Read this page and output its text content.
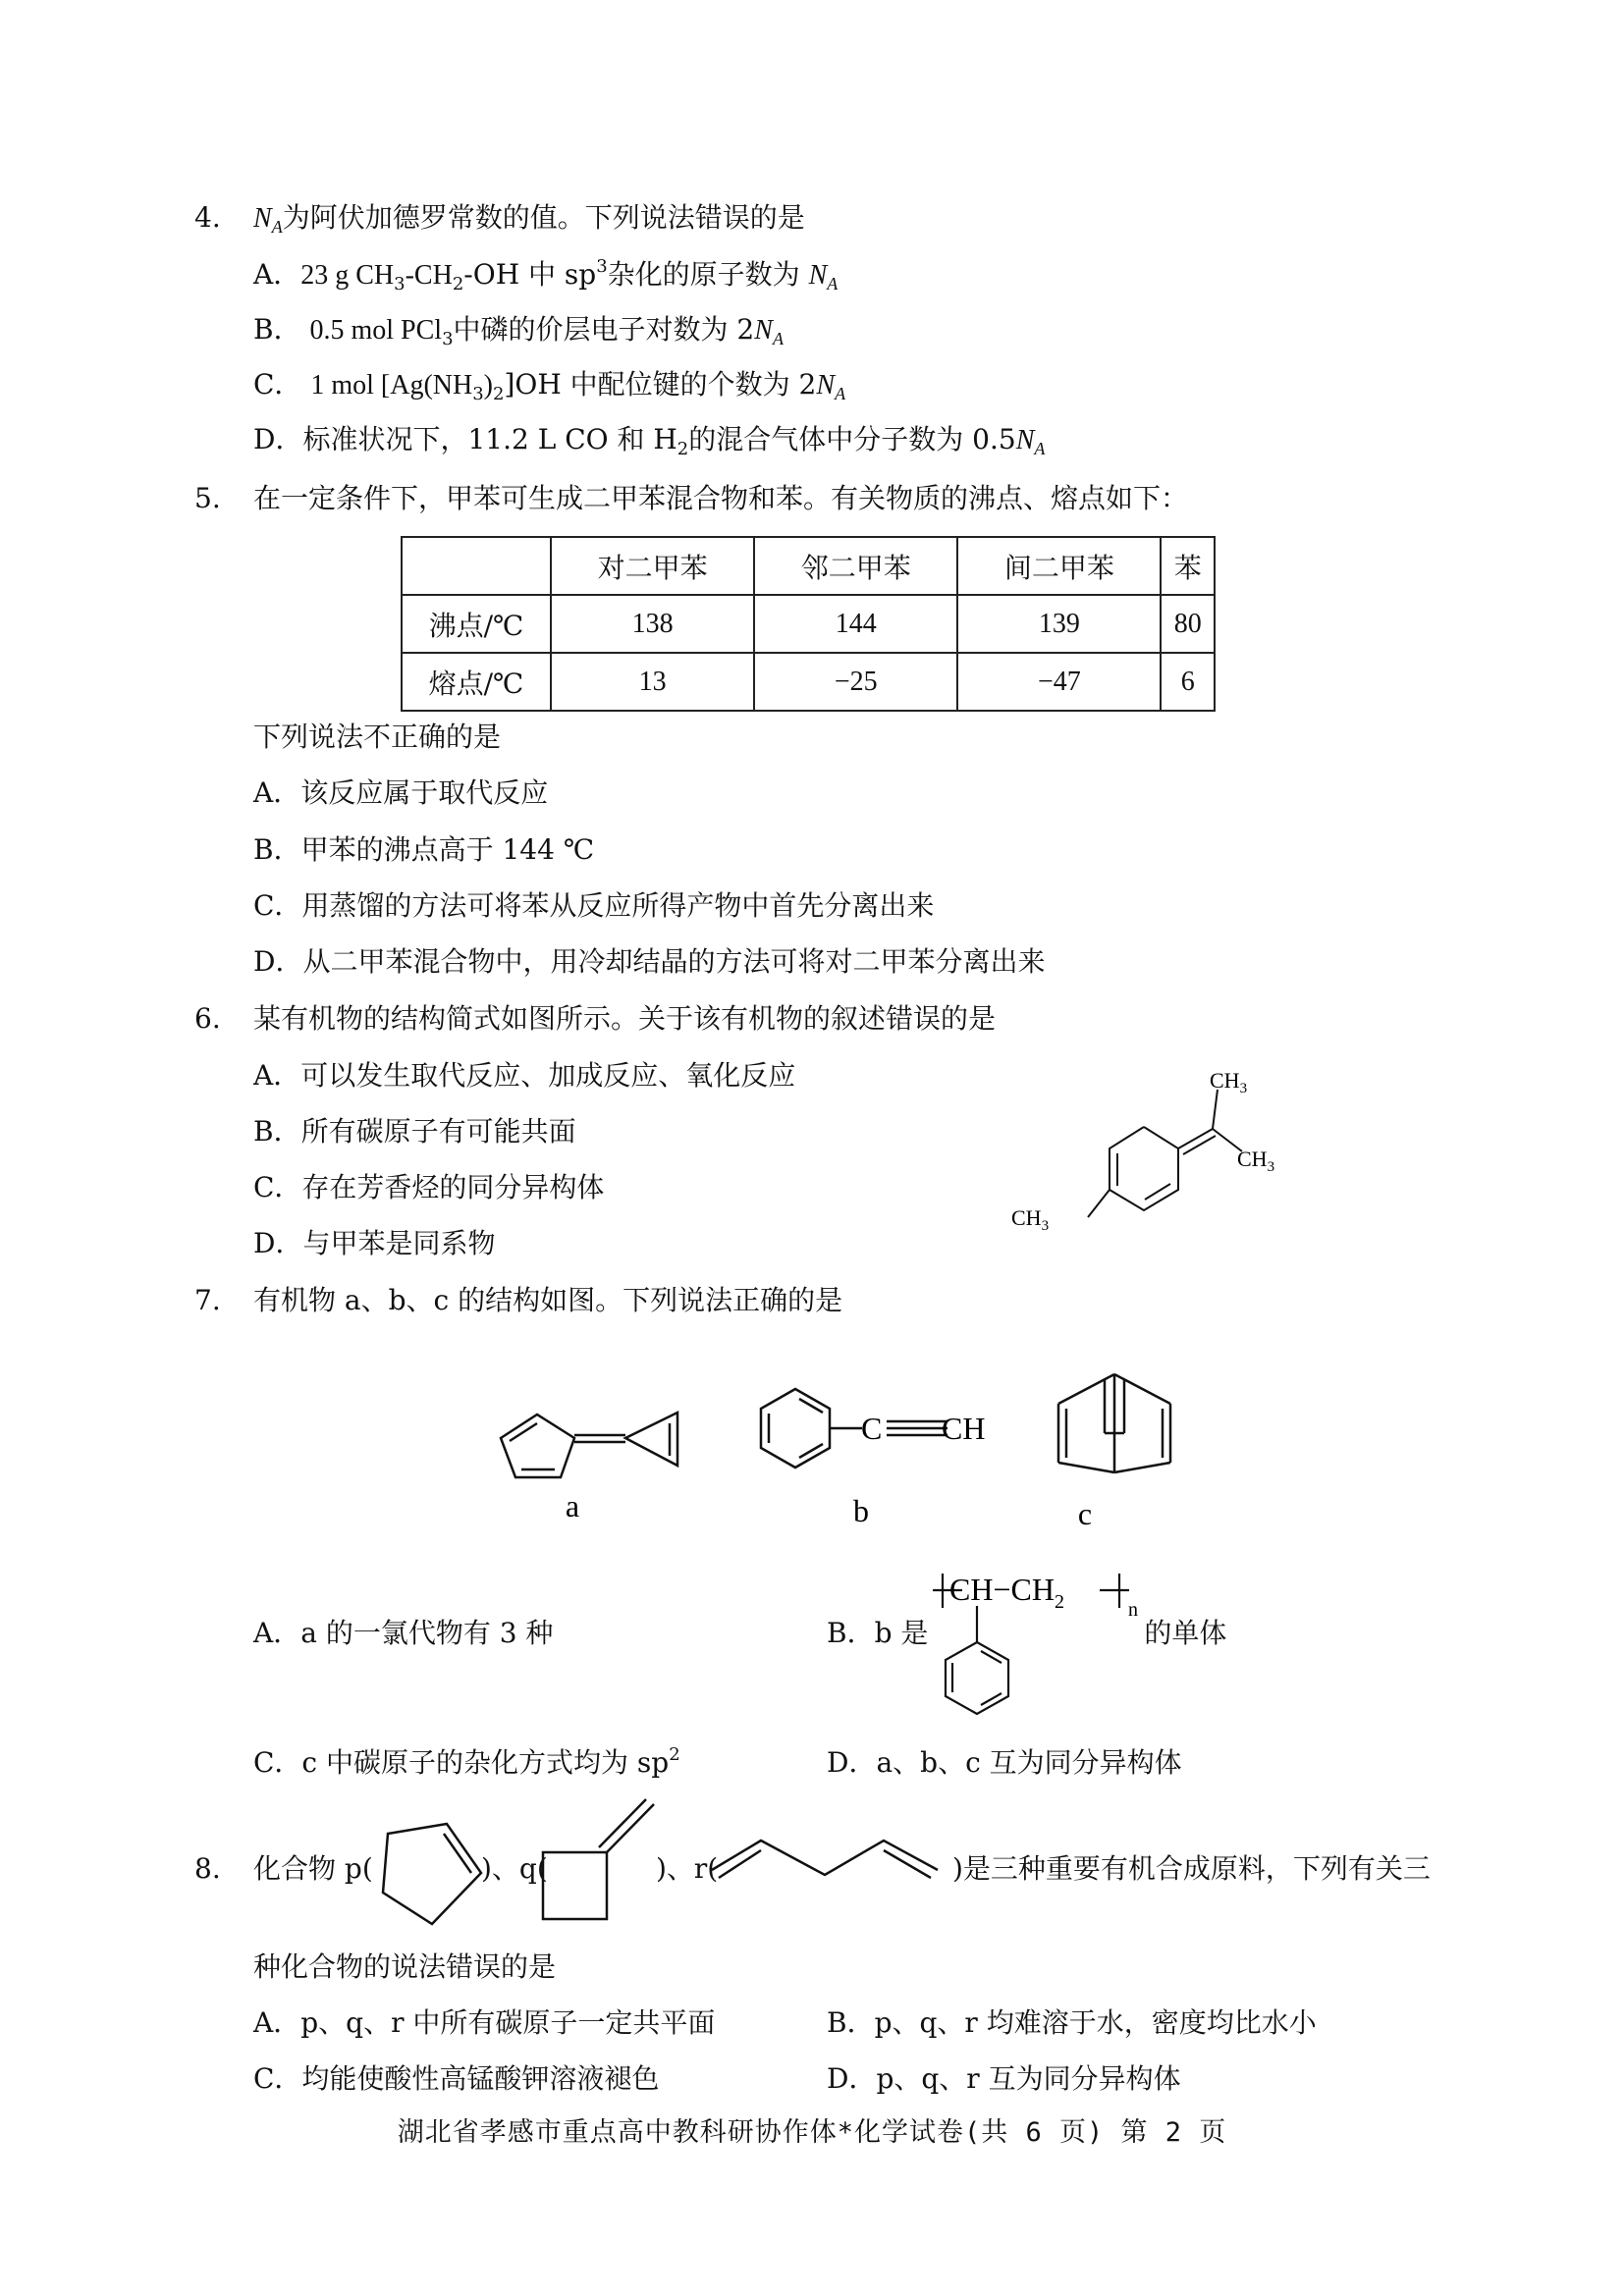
4. $N_A$为阿伏加德罗常数的值。下列说法错误的是
A．23 g $CH_3-CH_2-OH$ 中 $sp^3$杂化的原子数为 $N_A$
B． 0.5 mol PCl$_3$中磷的价层电子对数为 $2N_A$
C． 1 mol $[Ag(NH_3)_2]OH$ 中配位键的个数为 $2N_A$
D．标准状况下，11.2 L CO 和 $H_2$的混合气体中分子数为 $0.5N_A$
5. 在一定条件下，甲苯可生成二甲苯混合物和苯。有关物质的沸点、熔点如下：
	对二甲苯	邻二甲苯	间二甲苯	苯
沸点/℃	138	144	139	80
熔点/℃	13	−25	−47	6
下列说法不正确的是
A．该反应属于取代反应
B．甲苯的沸点高于 144 ℃
C．用蒸馏的方法可将苯从反应所得产物中首先分离出来
D．从二甲苯混合物中，用冷却结晶的方法可将对二甲苯分离出来
6. 某有机物的结构简式如图所示。关于该有机物的叙述错误的是
A．可以发生取代反应、加成反应、氧化反应
B．所有碳原子有可能共面
C．存在芳香烃的同分异构体
D．与甲苯是同系物
$CH_3$
$CH_3$
$CH_3$
7. 有机物 a、b、c 的结构如图。下列说法正确的是
a
C CH
b	c
A．a 的一氯代物有 3 种	B．b 是	的单体
$CH-CH_2$	n
C．c 中碳原子的杂化方式均为 $sp^2$	D．a、b、c 互为同分异构体
8. 化合物 p(	)、q(	)、r(	)是三种重要有机合成原料，下列有关三
种化合物的说法错误的是
A．p、q、r 中所有碳原子一定共平面	B．p、q、r 均难溶于水，密度均比水小
C．均能使酸性高锰酸钾溶液褪色	D．p、q、r 互为同分异构体
湖北省孝感市重点高中教科研协作体*化学试卷(共 6 页) 第 2 页
